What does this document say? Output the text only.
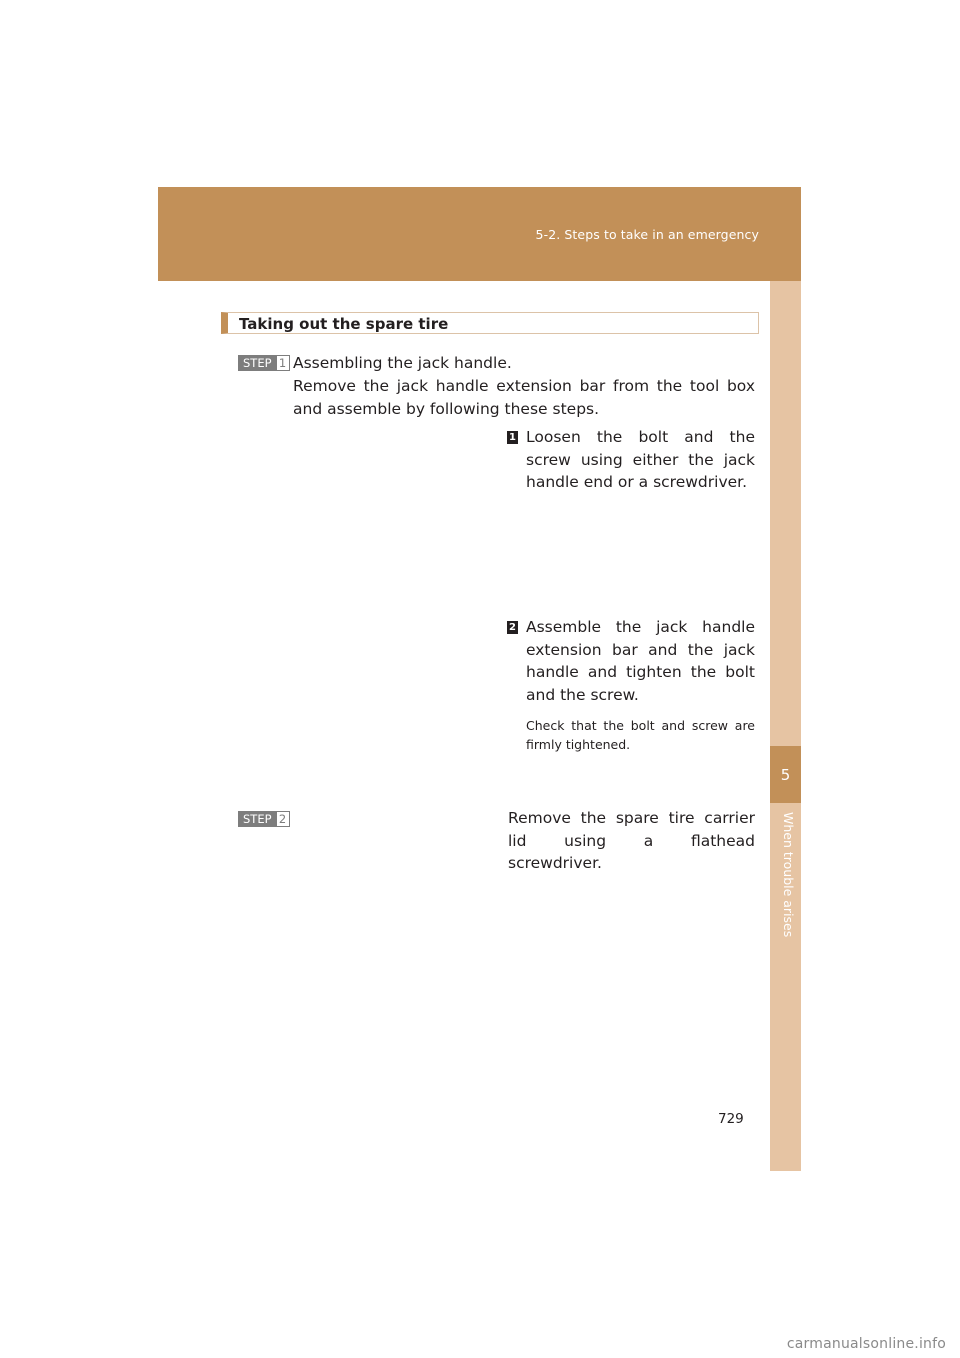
5-2. Steps to take in an emergency
5
When trouble arises
Taking out the spare tire
STEP 1 Assembling the jack handle.
Remove the jack handle extension bar from the tool box and assemble by following these steps.
1 Loosen the bolt and the screw using either the jack handle end or a screwdriver.
2 Assemble the jack handle extension bar and the jack handle and tighten the bolt and the screw.
Check that the bolt and screw are firmly tightened.
STEP 2	Remove the spare tire carrier lid using a flathead screwdriver.
729
carmanualsonline.info
